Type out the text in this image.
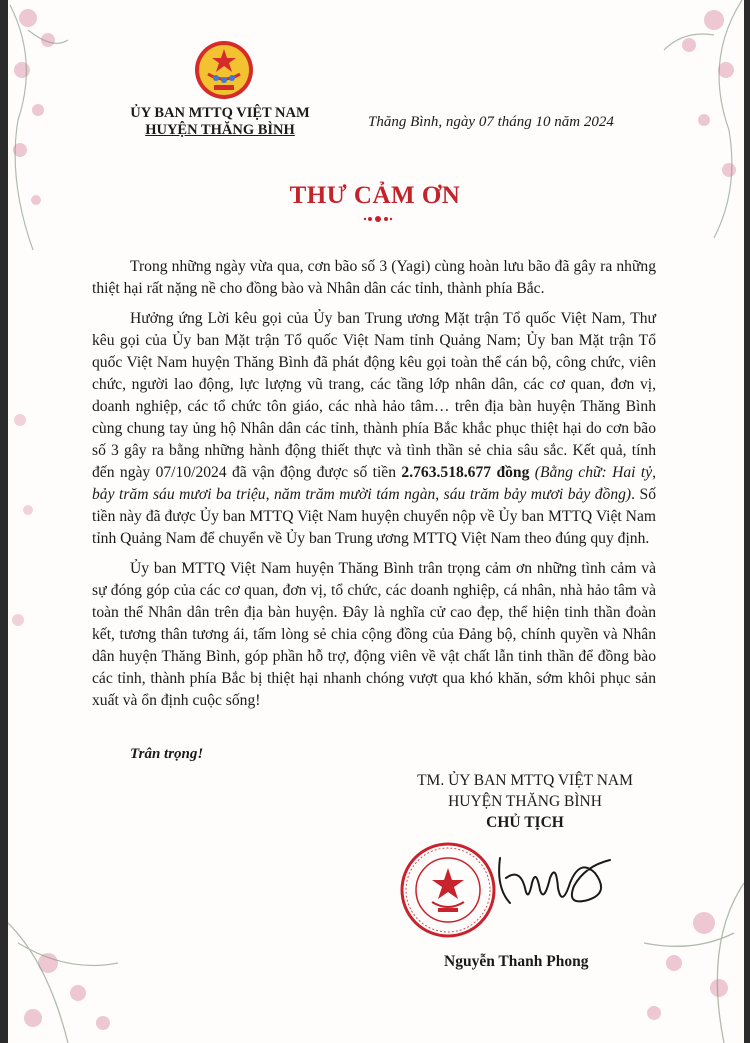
ỦY BAN MTTQ VIỆT NAM
HUYỆN THĂNG BÌNH	Thăng Bình, ngày 07 tháng 10 năm 2024
THƯ CẢM ƠN

Trong những ngày vừa qua, cơn bão số 3 (Yagi) cùng hoàn lưu bão đã gây ra những thiệt hại rất nặng nề cho đồng bào và Nhân dân các tỉnh, thành phía Bắc.

Hưởng ứng Lời kêu gọi của Ủy ban Trung ương Mặt trận Tổ quốc Việt Nam, Thư kêu gọi của Ủy ban Mặt trận Tổ quốc Việt Nam tỉnh Quảng Nam; Ủy ban Mặt trận Tổ quốc Việt Nam huyện Thăng Bình đã phát động kêu gọi toàn thể cán bộ, công chức, viên chức, người lao động, lực lượng vũ trang, các tầng lớp nhân dân, các cơ quan, đơn vị, doanh nghiệp, các tổ chức tôn giáo, các nhà hảo tâm… trên địa bàn huyện Thăng Bình cùng chung tay ủng hộ Nhân dân các tỉnh, thành phía Bắc khắc phục thiệt hại do cơn bão số 3 gây ra bằng những hành động thiết thực và tình thần sẻ chia sâu sắc. Kết quả, tính đến ngày 07/10/2024 đã vận động được số tiền 2.763.518.677 đồng (Bằng chữ: Hai tỷ, bảy trăm sáu mươi ba triệu, năm trăm mười tám ngàn, sáu trăm bảy mươi bảy đồng). Số tiền này đã được Ủy ban MTTQ Việt Nam huyện chuyển nộp về Ủy ban MTTQ Việt Nam tỉnh Quảng Nam để chuyển về Ủy ban Trung ương MTTQ Việt Nam theo đúng quy định.

Ủy ban MTTQ Việt Nam huyện Thăng Bình trân trọng cảm ơn những tình cảm và sự đóng góp của các cơ quan, đơn vị, tổ chức, các doanh nghiệp, cá nhân, nhà hảo tâm và toàn thể Nhân dân trên địa bàn huyện. Đây là nghĩa cử cao đẹp, thể hiện tinh thần đoàn kết, tương thân tương ái, tấm lòng sẻ chia cộng đồng của Đảng bộ, chính quyền và Nhân dân huyện Thăng Bình, góp phần hỗ trợ, động viên về vật chất lẫn tinh thần để đồng bào các tỉnh, thành phía Bắc bị thiệt hại nhanh chóng vượt qua khó khăn, sớm khôi phục sản xuất và ổn định cuộc sống!

Trân trọng!
TM. ỦY BAN MTTQ VIỆT NAM
HUYỆN THĂNG BÌNH
CHỦ TỊCH
Nguyễn Thanh Phong
